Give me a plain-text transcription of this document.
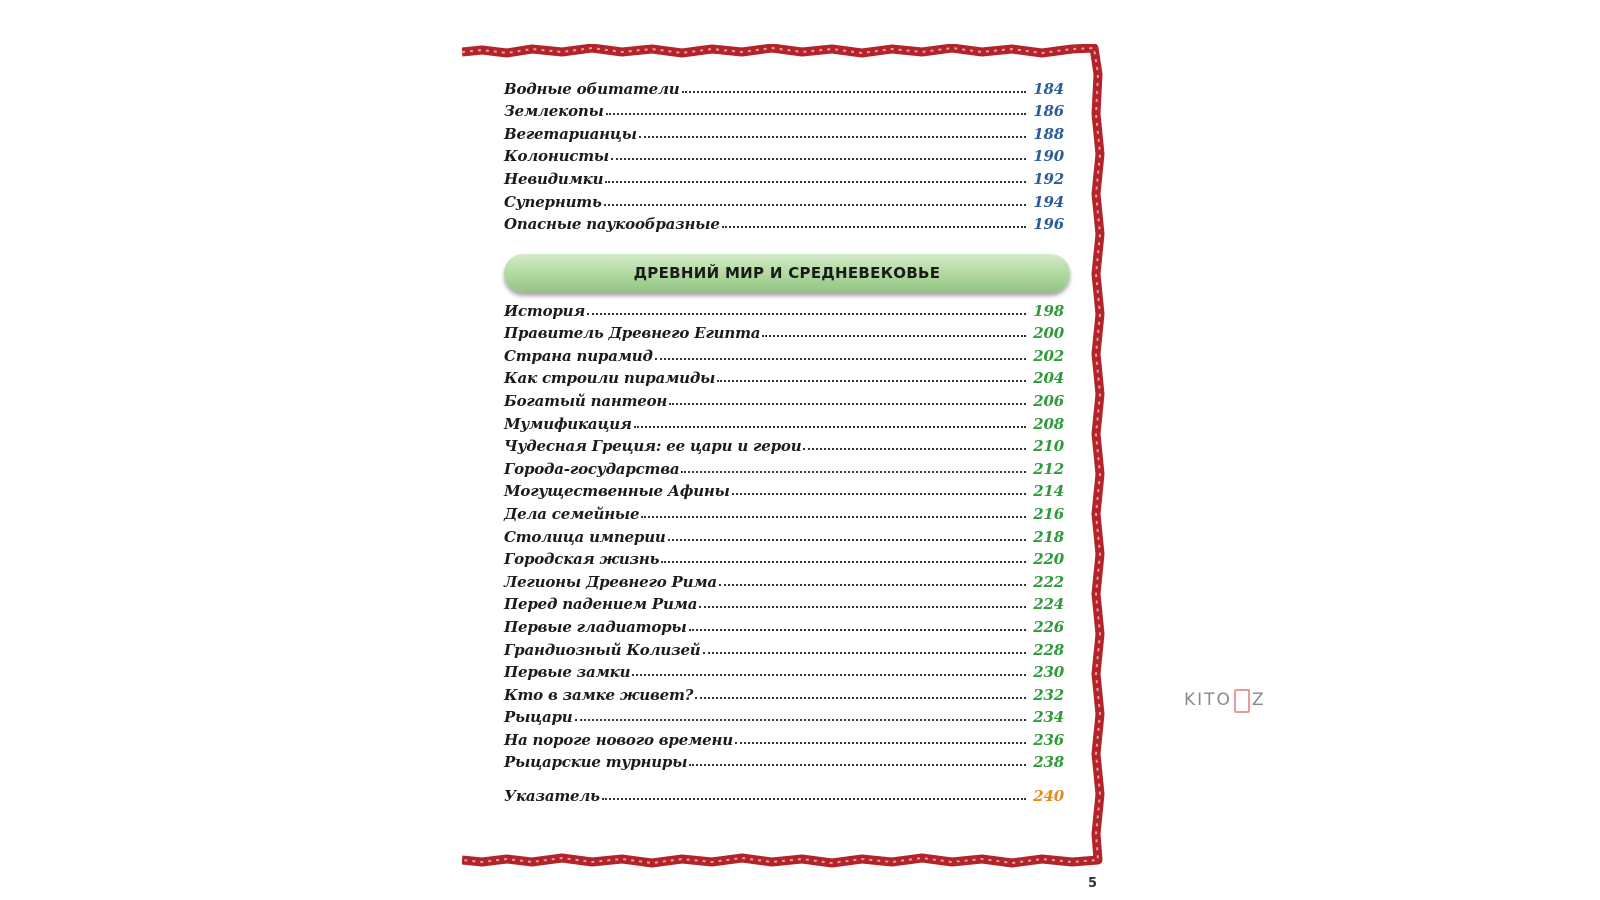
Водные обитатели	184
Землекопы	186
Вегетарианцы	188
Колонисты	190
Невидимки	192
Супернить	194
Опасные паукообразные	196
ДРЕВНИЙ МИР И СРЕДНЕВЕКОВЬЕ
История	198
Правитель Древнего Египта	200
Страна пирамид	202
Как строили пирамиды	204
Богатый пантеон	206
Мумификация	208
Чудесная Греция: ее цари и герои	210
Города-государства	212
Могущественные Афины	214
Дела семейные	216
Столица империи	218
Городская жизнь	220
Легионы Древнего Рима	222
Перед падением Рима	224
Первые гладиаторы	226
Грандиозный Колизей	228
Первые замки	230
Кто в замке живет?	232
Рыцари	234
На пороге нового времени	236
Рыцарские турниры	238
Указатель	240
5
KITO Z
